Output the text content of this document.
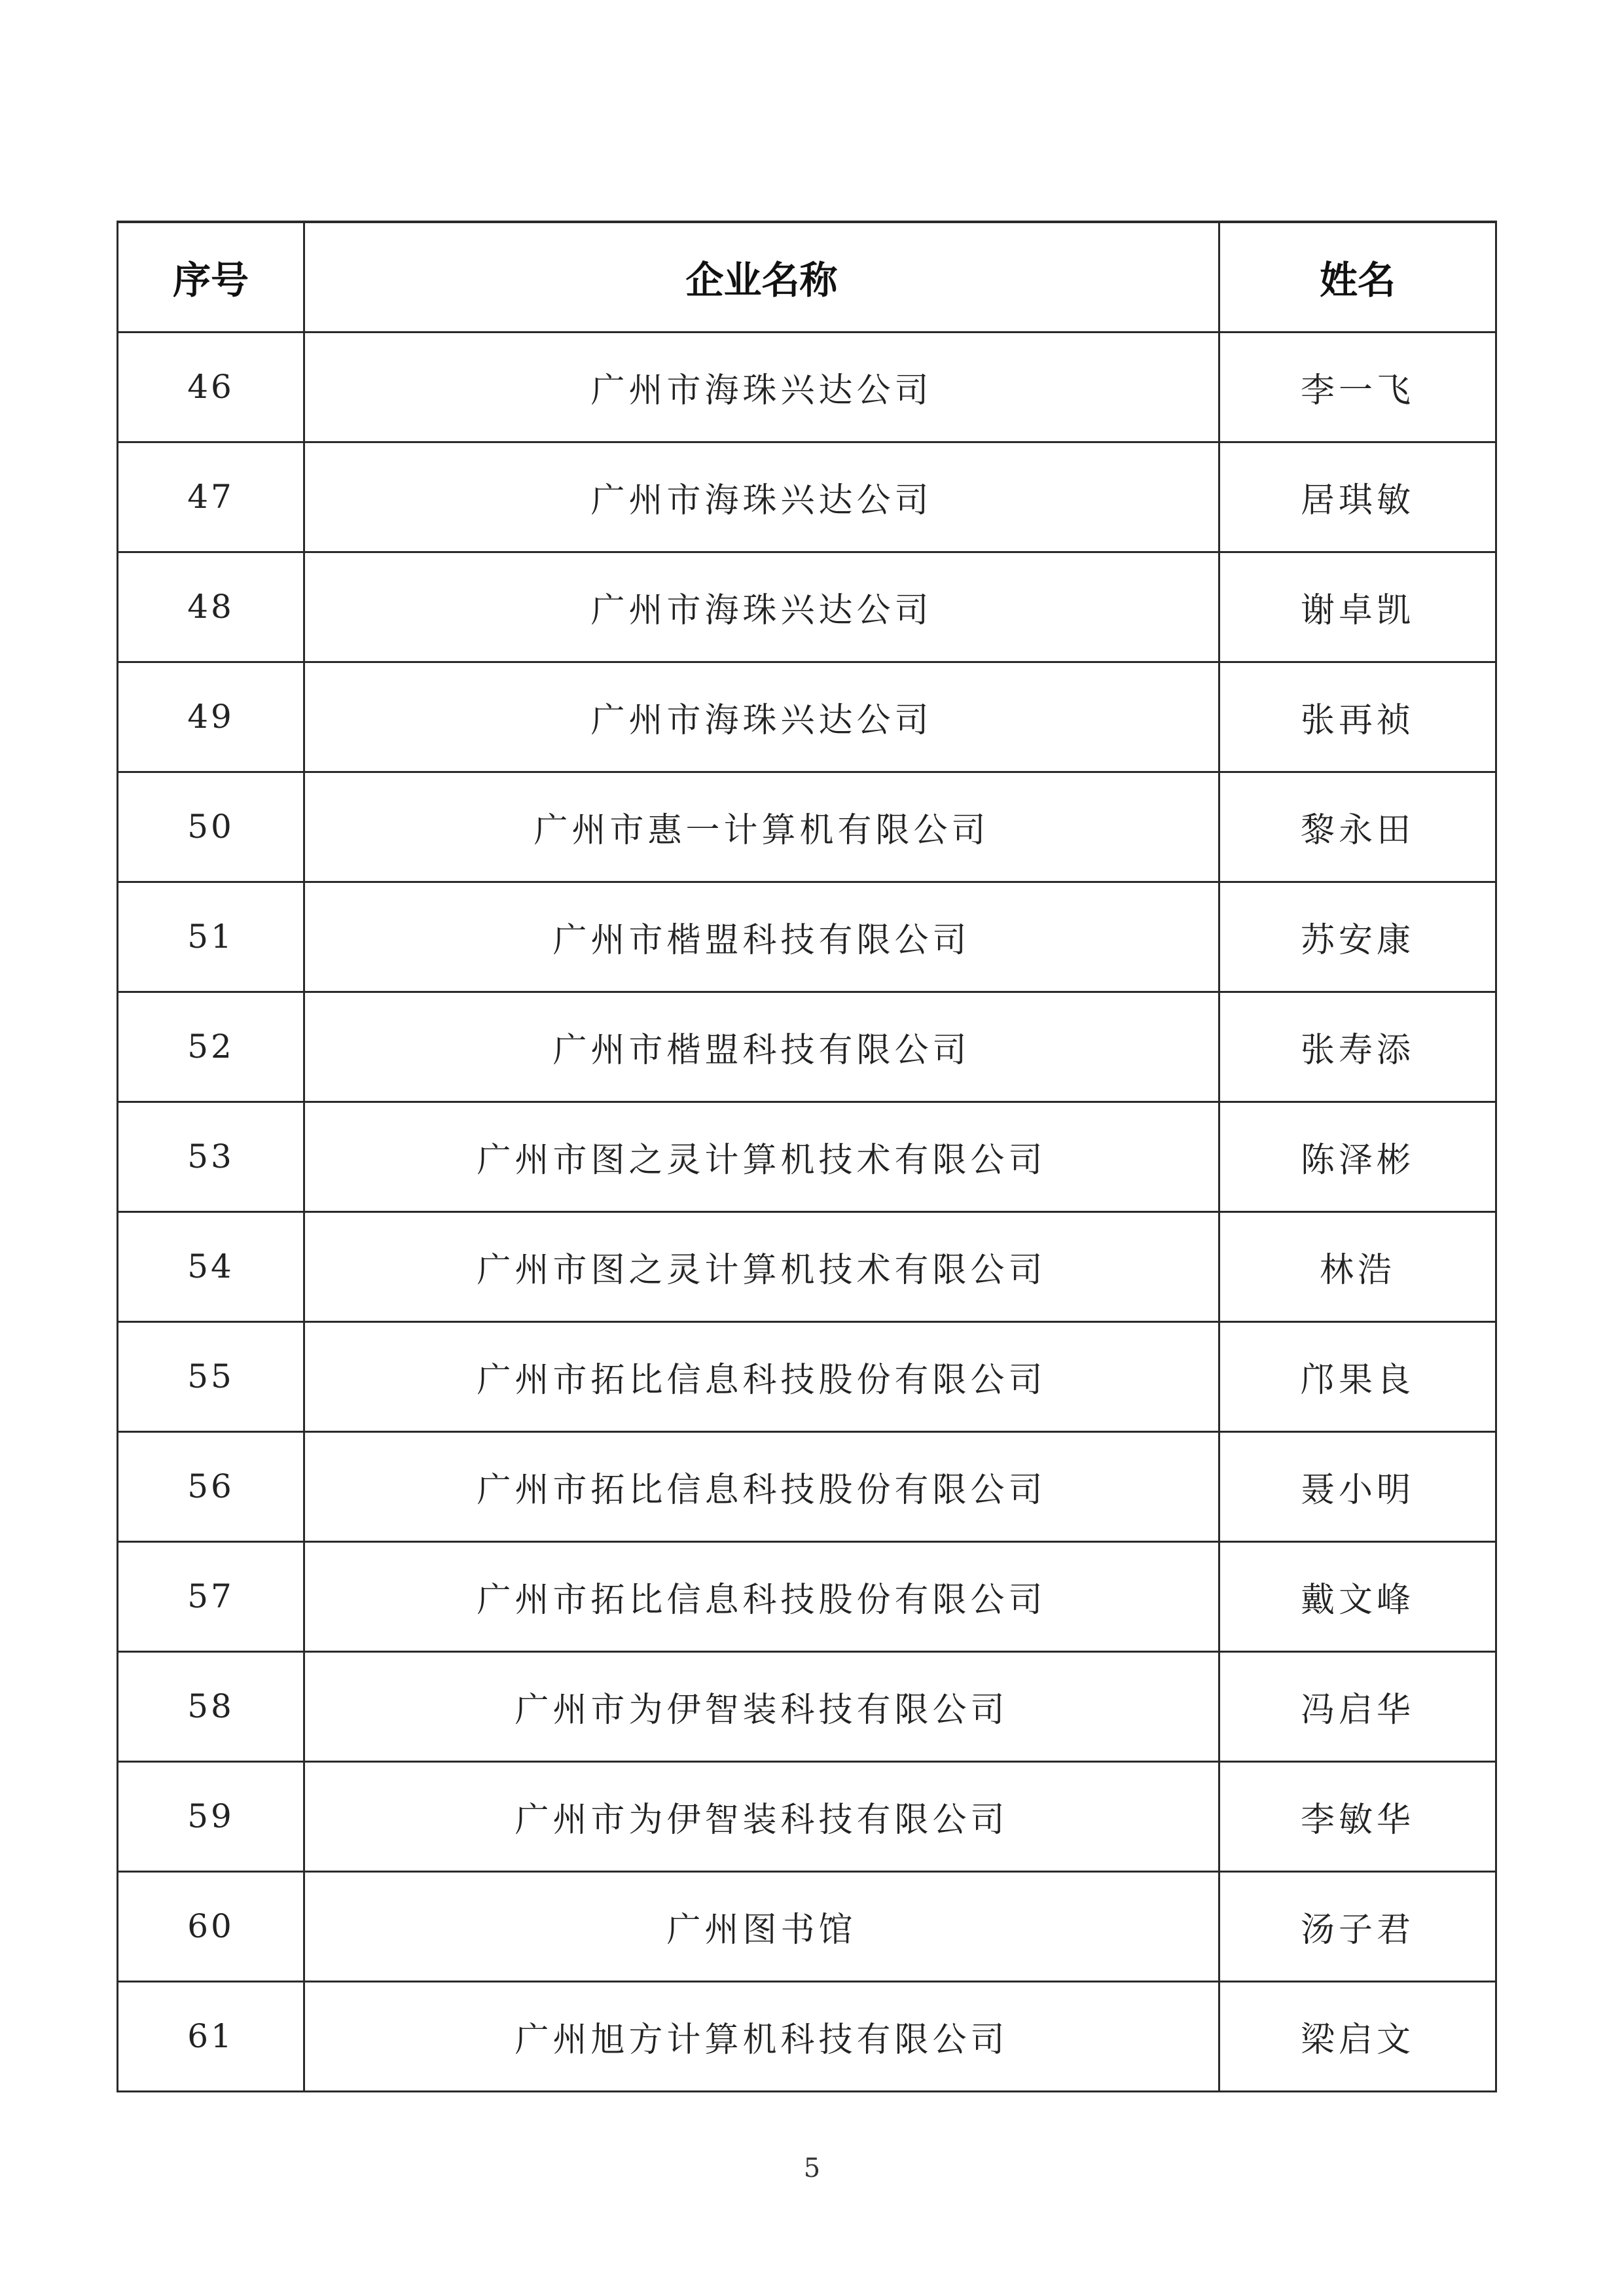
序号	企业名称	姓名
46	广州市海珠兴达公司	李一飞
47	广州市海珠兴达公司	居琪敏
48	广州市海珠兴达公司	谢卓凯
49	广州市海珠兴达公司	张再祯
50	广州市惠一计算机有限公司	黎永田
51	广州市楷盟科技有限公司	苏安康
52	广州市楷盟科技有限公司	张寿添
53	广州市图之灵计算机技术有限公司	陈泽彬
54	广州市图之灵计算机技术有限公司	林浩
55	广州市拓比信息科技股份有限公司	邝果良
56	广州市拓比信息科技股份有限公司	聂小明
57	广州市拓比信息科技股份有限公司	戴文峰
58	广州市为伊智装科技有限公司	冯启华
59	广州市为伊智装科技有限公司	李敏华
60	广州图书馆	汤子君
61	广州旭方计算机科技有限公司	梁启文
5
